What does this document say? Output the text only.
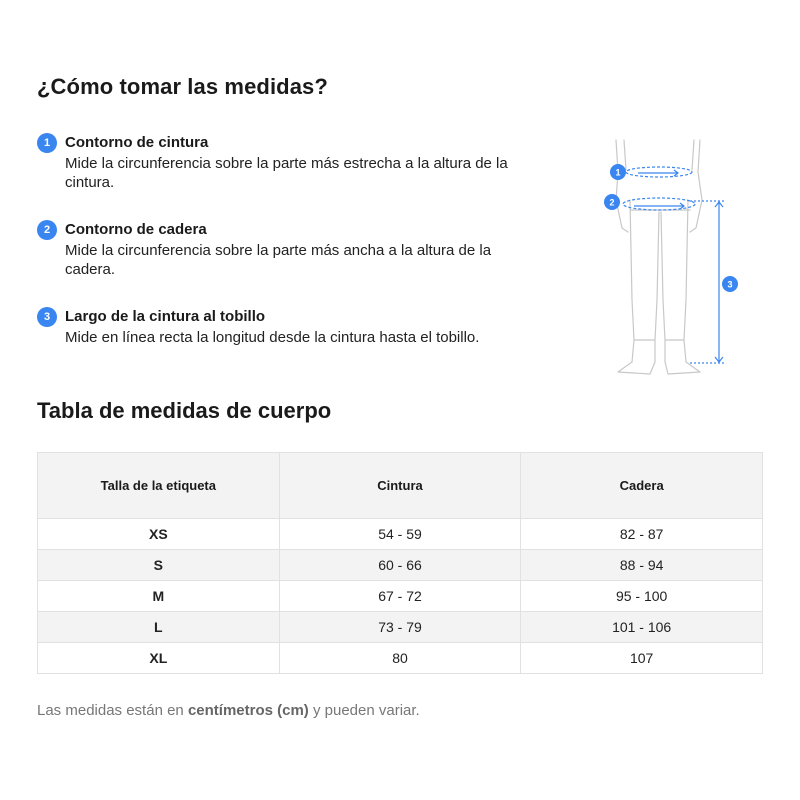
¿Cómo tomar las medidas?
1 Contorno de cintura
Mide la circunferencia sobre la parte más estrecha a la altura de la cintura.
2 Contorno de cadera
Mide la circunferencia sobre la parte más ancha a la altura de la cadera.
3 Largo de la cintura al tobillo
Mide en línea recta la longitud desde la cintura hasta el tobillo.
1
2
3
Tabla de medidas de cuerpo
Talla de la etiqueta	Cintura	Cadera
XS	54 - 59	82 - 87
S	60 - 66	88 - 94
M	67 - 72	95 - 100
L	73 - 79	101 - 106
XL	80	107
Las medidas están en centímetros (cm) y pueden variar.
